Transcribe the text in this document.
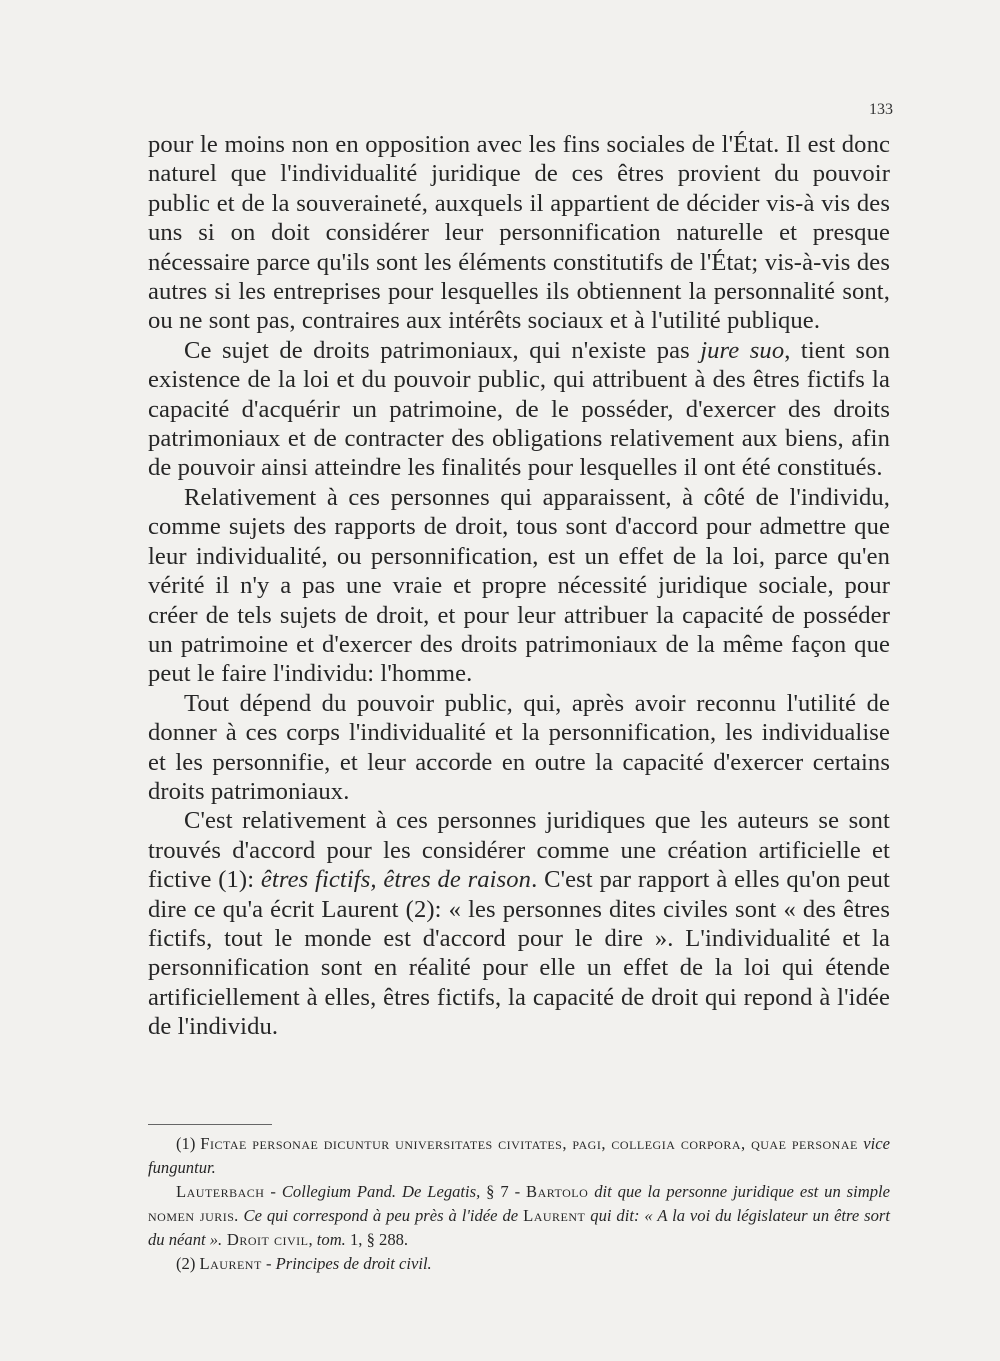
133

pour le moins non en opposition avec les fins sociales de l'État. Il est donc naturel que l'individualité juridique de ces êtres provient du pouvoir public et de la souveraineté, auxquels il appartient de décider vis-à vis des uns si on doit considérer leur personnification naturelle et presque nécessaire parce qu'ils sont les éléments constitutifs de l'État; vis-à-vis des autres si les entreprises pour lesquelles ils obtiennent la personnalité sont, ou ne sont pas, contraires aux intérêts sociaux et à l'utilité publique.

Ce sujet de droits patrimoniaux, qui n'existe pas jure suo, tient son existence de la loi et du pouvoir public, qui attribuent à des êtres fictifs la capacité d'acquérir un patrimoine, de le posséder, d'exercer des droits patrimoniaux et de contracter des obligations relativement aux biens, afin de pouvoir ainsi atteindre les finalités pour lesquelles il ont été constitués.

Relativement à ces personnes qui apparaissent, à côté de l'individu, comme sujets des rapports de droit, tous sont d'accord pour admettre que leur individualité, ou personnification, est un effet de la loi, parce qu'en vérité il n'y a pas une vraie et propre nécessité juridique sociale, pour créer de tels sujets de droit, et pour leur attribuer la capacité de posséder un patrimoine et d'exercer des droits patrimoniaux de la même façon que peut le faire l'individu: l'homme.

Tout dépend du pouvoir public, qui, après avoir reconnu l'utilité de donner à ces corps l'individualité et la personnification, les individualise et les personnifie, et leur accorde en outre la capacité d'exercer certains droits patrimoniaux.

C'est relativement à ces personnes juridiques que les auteurs se sont trouvés d'accord pour les considérer comme une création artificielle et fictive (1): êtres fictifs, êtres de raison. C'est par rapport à elles qu'on peut dire ce qu'a écrit Laurent (2): « les personnes dites civiles sont « des êtres fictifs, tout le monde est d'accord pour le dire ». L'individualité et la personnification sont en réalité pour elle un effet de la loi qui étende artificiellement à elles, êtres fictifs, la capacité de droit qui repond à l'idée de l'individu.

(1) Fictae personae dicuntur universitates civitates, pagi, collegia corpora, quae personae vice funguntur.

Lauterbach - Collegium Pand. De Legatis, § 7 - Bartolo dit que la personne juridique est un simple nomen juris. Ce qui correspond à peu près à l'idée de Laurent qui dit: « A la voi du législateur un être sort du néant ». Droit civil, tom. 1, § 288.

(2) Laurent - Principes de droit civil.
